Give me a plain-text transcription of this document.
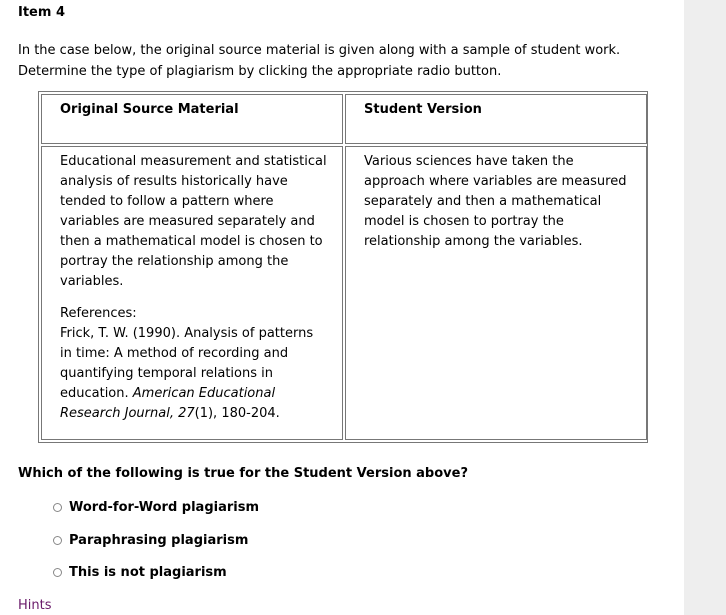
Item 4
In the case below, the original source material is given along with a sample of student work.
Determine the type of plagiarism by clicking the appropriate radio button.
Original Source Material	Student Version
Educational measurement and statistical
analysis of results historically have
tended to follow a pattern where
variables are measured separately and
then a mathematical model is chosen to
portray the relationship among the
variables.
References:
Frick, T. W. (1990). Analysis of patterns
in time: A method of recording and
quantifying temporal relations in
education. American Educational
Research Journal, 27(1), 180-204.
Various sciences have taken the
approach where variables are measured
separately and then a mathematical
model is chosen to portray the
relationship among the variables.
Which of the following is true for the Student Version above?
Word-for-Word plagiarism
Paraphrasing plagiarism
This is not plagiarism
Hints
